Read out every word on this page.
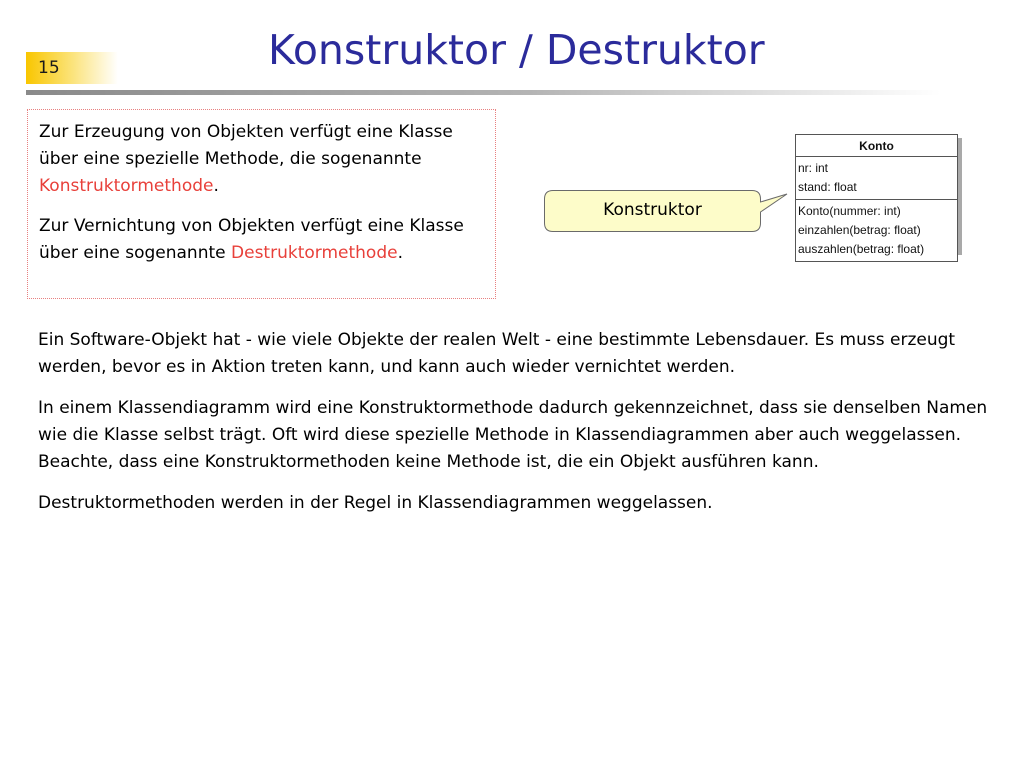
15	Konstruktor / Destruktor

Zur Erzeugung von Objekten verfügt eine Klasse über eine spezielle Methode, die sogenannte Konstruktormethode.

Zur Vernichtung von Objekten verfügt eine Klasse über eine sogenannte Destruktormethode.

Konstruktor
Konto
nr: int
stand: float
Konto(nummer: int)
einzahlen(betrag: float)
auszahlen(betrag: float)

Ein Software-Objekt hat - wie viele Objekte der realen Welt - eine bestimmte Lebensdauer. Es muss erzeugt werden, bevor es in Aktion treten kann, und kann auch wieder vernichtet werden.

In einem Klassendiagramm wird eine Konstruktormethode dadurch gekennzeichnet, dass sie denselben Namen wie die Klasse selbst trägt. Oft wird diese spezielle Methode in Klassendiagrammen aber auch weggelassen. Beachte, dass eine Konstruktormethoden keine Methode ist, die ein Objekt ausführen kann.

Destruktormethoden werden in der Regel in Klassendiagrammen weggelassen.
